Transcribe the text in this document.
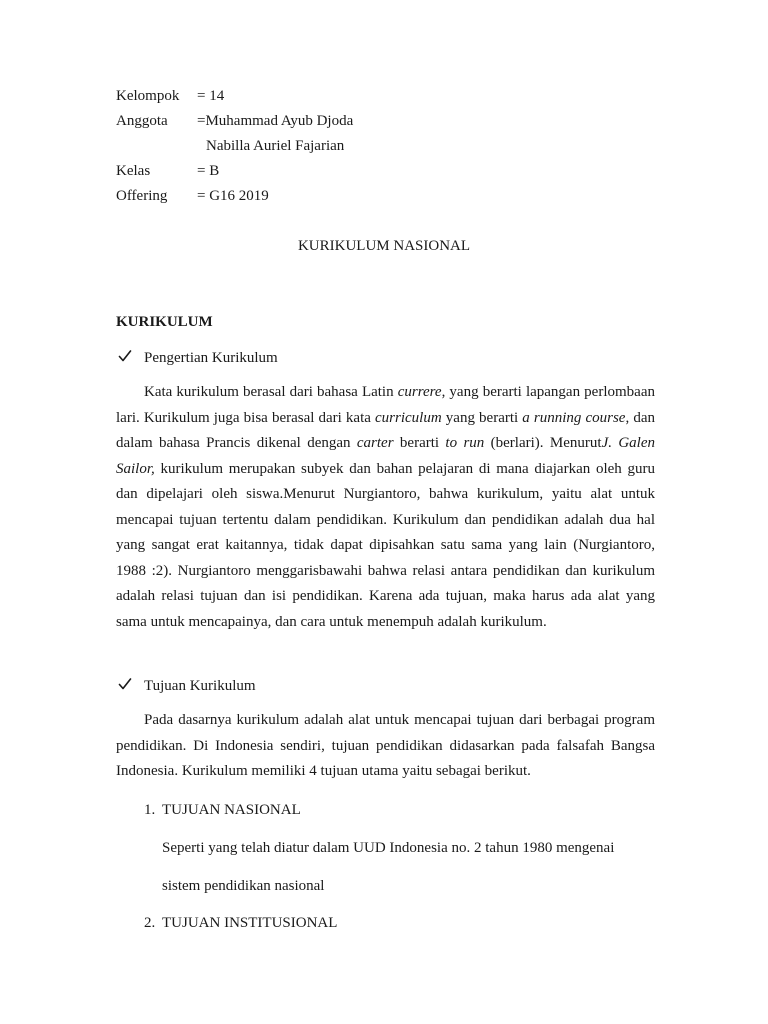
Kelompok = 14
Anggota =Muhammad Ayub Djoda
Nabilla Auriel Fajarian
Kelas	= B
Offering = G16 2019
KURIKULUM NASIONAL
KURIKULUM
Pengertian Kurikulum
Kata kurikulum berasal dari bahasa Latin currere, yang berarti lapangan perlombaan lari. Kurikulum juga bisa berasal dari kata curriculum yang berarti a running course, dan dalam bahasa Prancis dikenal dengan carter berarti to run (berlari). MenurutJ. Galen Sailor, kurikulum merupakan subyek dan bahan pelajaran di mana diajarkan oleh guru dan dipelajari oleh siswa.Menurut Nurgiantoro, bahwa kurikulum, yaitu alat untuk mencapai tujuan tertentu dalam pendidikan. Kurikulum dan pendidikan adalah dua hal yang sangat erat kaitannya, tidak dapat dipisahkan satu sama yang lain (Nurgiantoro, 1988 :2). Nurgiantoro menggarisbawahi bahwa relasi antara pendidikan dan kurikulum adalah relasi tujuan dan isi pendidikan. Karena ada tujuan, maka harus ada alat yang sama untuk mencapainya, dan cara untuk menempuh adalah kurikulum.
Tujuan Kurikulum
Pada dasarnya kurikulum adalah alat untuk mencapai tujuan dari berbagai program pendidikan. Di Indonesia sendiri, tujuan pendidikan didasarkan pada falsafah Bangsa Indonesia. Kurikulum memiliki 4 tujuan utama yaitu sebagai berikut.
1. TUJUAN NASIONAL
Seperti yang telah diatur dalam UUD Indonesia no. 2 tahun 1980 mengenai
sistem pendidikan nasional
2. TUJUAN INSTITUSIONAL
